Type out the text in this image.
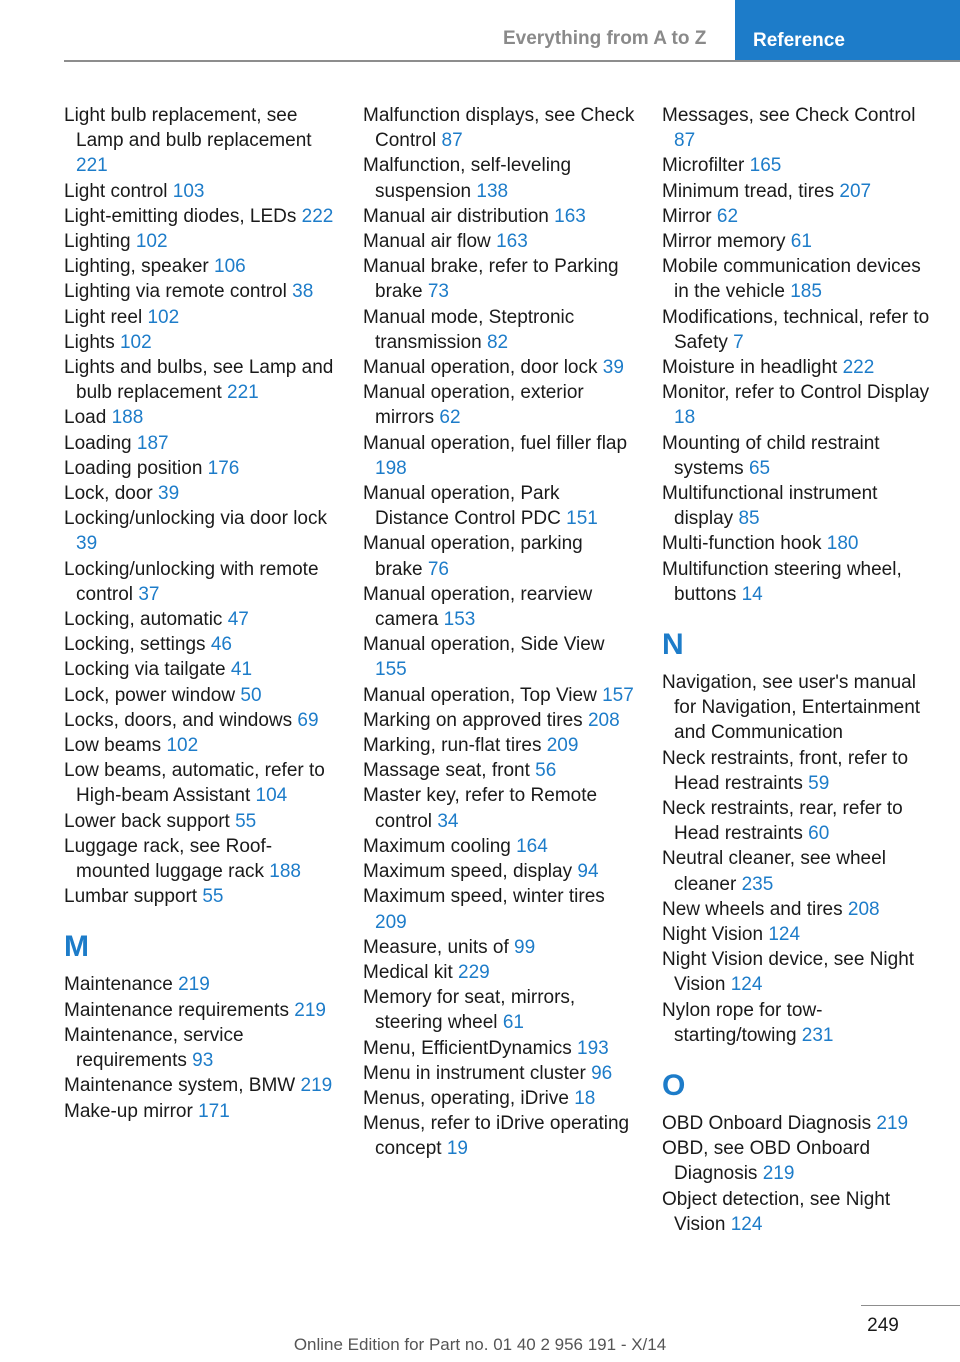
Everything from A to Z	Reference
Light bulb replacement, see Lamp and bulb replacement 221
Light control 103
Light-emitting diodes, LEDs 222
Lighting 102
Lighting, speaker 106
Lighting via remote control 38
Light reel 102
Lights 102
Lights and bulbs, see Lamp and bulb replacement 221
Load 188
Loading 187
Loading position 176
Lock, door 39
Locking/unlocking via door lock 39
Locking/unlocking with remote control 37
Locking, automatic 47
Locking, settings 46
Locking via tailgate 41
Lock, power window 50
Locks, doors, and windows 69
Low beams 102
Low beams, automatic, refer to High-beam Assistant 104
Lower back support 55
Luggage rack, see Roof-mounted luggage rack 188
Lumbar support 55
M
Maintenance 219
Maintenance requirements 219
Maintenance, service requirements 93
Maintenance system, BMW 219
Make-up mirror 171
Malfunction displays, see Check Control 87
Malfunction, self-leveling suspension 138
Manual air distribution 163
Manual air flow 163
Manual brake, refer to Parking brake 73
Manual mode, Steptronic transmission 82
Manual operation, door lock 39
Manual operation, exterior mirrors 62
Manual operation, fuel filler flap 198
Manual operation, Park Distance Control PDC 151
Manual operation, parking brake 76
Manual operation, rearview camera 153
Manual operation, Side View 155
Manual operation, Top View 157
Marking on approved tires 208
Marking, run-flat tires 209
Massage seat, front 56
Master key, refer to Remote control 34
Maximum cooling 164
Maximum speed, display 94
Maximum speed, winter tires 209
Measure, units of 99
Medical kit 229
Memory for seat, mirrors, steering wheel 61
Menu, EfficientDynamics 193
Menu in instrument cluster 96
Menus, operating, iDrive 18
Menus, refer to iDrive operating concept 19
Messages, see Check Control 87
Microfilter 165
Minimum tread, tires 207
Mirror 62
Mirror memory 61
Mobile communication devices in the vehicle 185
Modifications, technical, refer to Safety 7
Moisture in headlight 222
Monitor, refer to Control Display 18
Mounting of child restraint systems 65
Multifunctional instrument display 85
Multi-function hook 180
Multifunction steering wheel, buttons 14
N
Navigation, see user's manual for Navigation, Entertainment and Communication
Neck restraints, front, refer to Head restraints 59
Neck restraints, rear, refer to Head restraints 60
Neutral cleaner, see wheel cleaner 235
New wheels and tires 208
Night Vision 124
Night Vision device, see Night Vision 124
Nylon rope for tow-starting/towing 231
O
OBD Onboard Diagnosis 219
OBD, see OBD Onboard Diagnosis 219
Object detection, see Night Vision 124
249
Online Edition for Part no. 01 40 2 956 191 - X/14
